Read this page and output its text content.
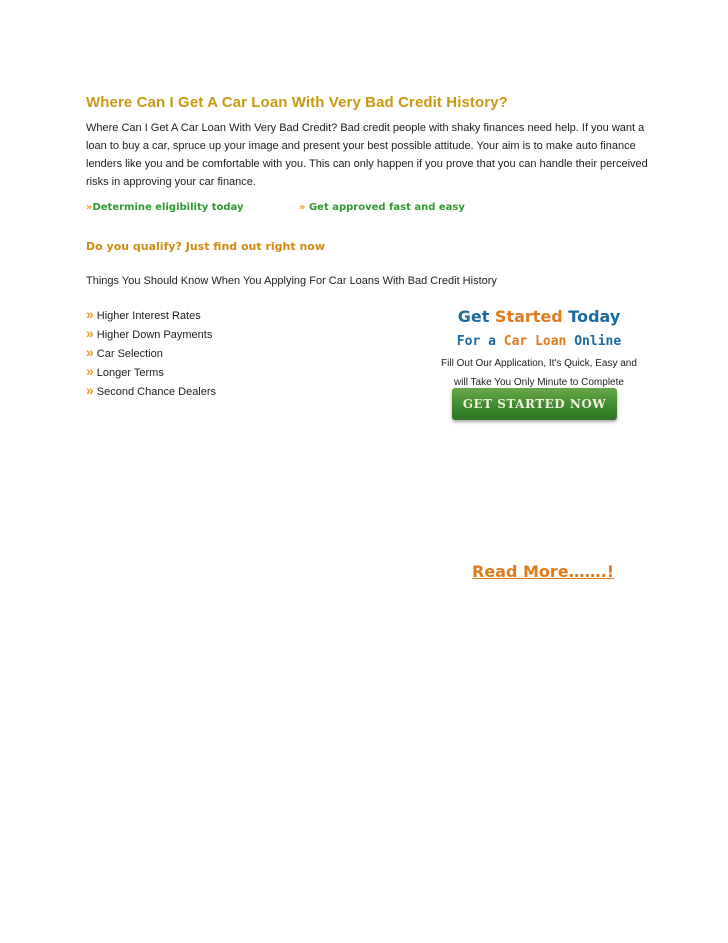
Where Can I Get A Car Loan With Very Bad Credit History?

Where Can I Get A Car Loan With Very Bad Credit? Bad credit people with shaky finances need help. If you want a loan to buy a car, spruce up your image and present your best possible attitude. Your aim is to make auto finance lenders like you and be comfortable with you. This can only happen if you prove that you can handle their perceived risks in approving your car finance.

»Determine eligibility today	» Get approved fast and easy
Do you qualify? Just find out right now
Things You Should Know When You Applying For Car Loans With Bad Credit History
» Higher Interest Rates
» Higher Down Payments
» Car Selection
» Longer Terms
» Second Chance Dealers
Get Started Today
For a Car Loan Online
Fill Out Our Application, It's Quick, Easy and
will Take You Only Minute to Complete
GET STARTED NOW
Read More…….!
